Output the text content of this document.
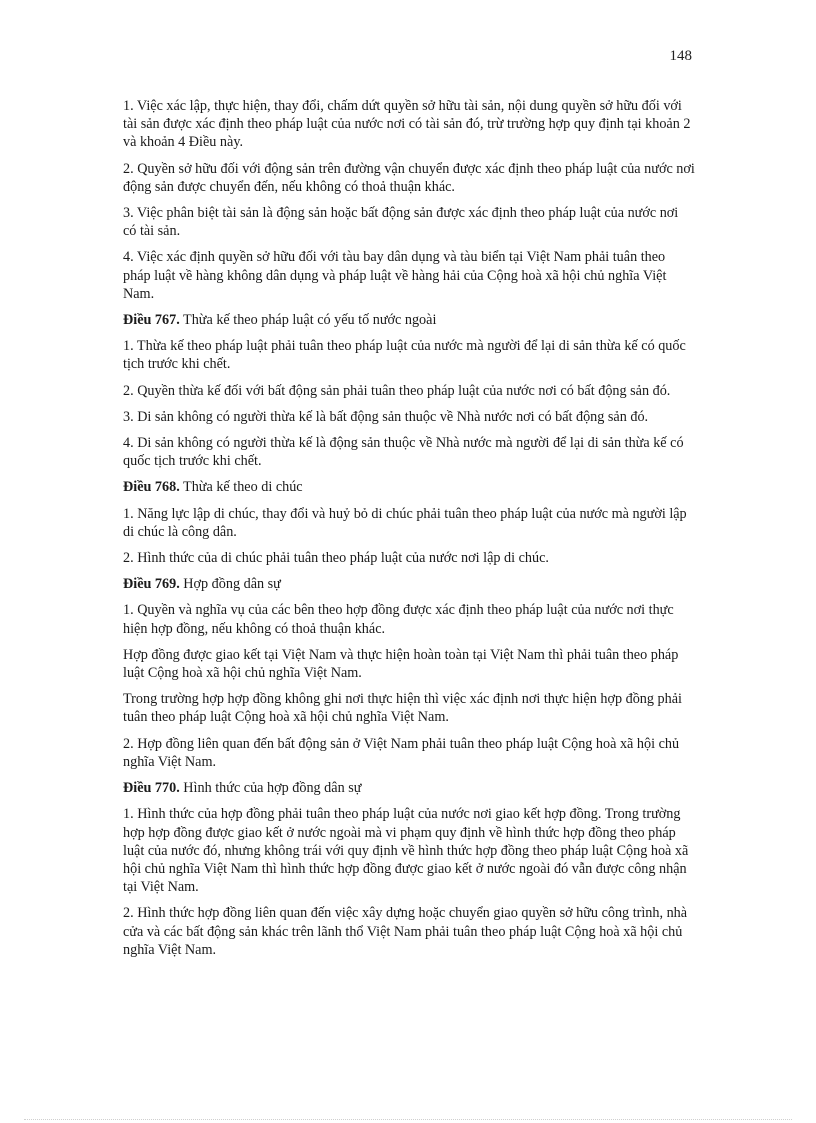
148

1. Việc xác lập, thực hiện, thay đổi, chấm dứt quyền sở hữu tài sản, nội dung quyền sở hữu đối với tài sản được xác định theo pháp luật của nước nơi có tài sản đó, trừ trường hợp quy định tại khoản 2 và khoản 4 Điều này.

2. Quyền sở hữu đối với động sản trên đường vận chuyển được xác định theo pháp luật của nước nơi động sản được chuyển đến, nếu không có thoả thuận khác.

3. Việc phân biệt tài sản là động sản hoặc bất động sản được xác định theo pháp luật của nước nơi có tài sản.

4. Việc xác định quyền sở hữu đối với tàu bay dân dụng và tàu biển tại Việt Nam phải tuân theo pháp luật về hàng không dân dụng và pháp luật về hàng hải của Cộng hoà xã hội chủ nghĩa Việt Nam.

Điều 767. Thừa kế theo pháp luật có yếu tố nước ngoài

1. Thừa kế theo pháp luật phải tuân theo pháp luật của nước mà người để lại di sản thừa kế có quốc tịch trước khi chết.

2. Quyền thừa kế đối với bất động sản phải tuân theo pháp luật của nước nơi có bất động sản đó.

3. Di sản không có người thừa kế là bất động sản thuộc về Nhà nước nơi có bất động sản đó.

4. Di sản không có người thừa kế là động sản thuộc về Nhà nước mà người để lại di sản thừa kế có quốc tịch trước khi chết.

Điều 768. Thừa kế theo di chúc

1. Năng lực lập di chúc, thay đổi và huỷ bỏ di chúc phải tuân theo pháp luật của nước mà người lập di chúc là công dân.

2. Hình thức của di chúc phải tuân theo pháp luật của nước nơi lập di chúc.

Điều 769. Hợp đồng dân sự

1. Quyền và nghĩa vụ của các bên theo hợp đồng được xác định theo pháp luật của nước nơi thực hiện hợp đồng, nếu không có thoả thuận khác.

Hợp đồng được giao kết tại Việt Nam và thực hiện hoàn toàn tại Việt Nam thì phải tuân theo pháp luật Cộng hoà xã hội chủ nghĩa Việt Nam.

Trong trường hợp hợp đồng không ghi nơi thực hiện thì việc xác định nơi thực hiện hợp đồng phải tuân theo pháp luật Cộng hoà xã hội chủ nghĩa Việt Nam.

2. Hợp đồng liên quan đến bất động sản ở Việt Nam phải tuân theo pháp luật Cộng hoà xã hội chủ nghĩa Việt Nam.

Điều 770. Hình thức của hợp đồng dân sự

1. Hình thức của hợp đồng phải tuân theo pháp luật của nước nơi giao kết hợp đồng. Trong trường hợp hợp đồng được giao kết ở nước ngoài mà vi phạm quy định về hình thức hợp đồng theo pháp luật của nước đó, nhưng không trái với quy định về hình thức hợp đồng theo pháp luật Cộng hoà xã hội chủ nghĩa Việt Nam thì hình thức hợp đồng được giao kết ở nước ngoài đó vẫn được công nhận tại Việt Nam.

2. Hình thức hợp đồng liên quan đến việc xây dựng hoặc chuyển giao quyền sở hữu công trình, nhà cửa và các bất động sản khác trên lãnh thổ Việt Nam phải tuân theo pháp luật Cộng hoà xã hội chủ nghĩa Việt Nam.
